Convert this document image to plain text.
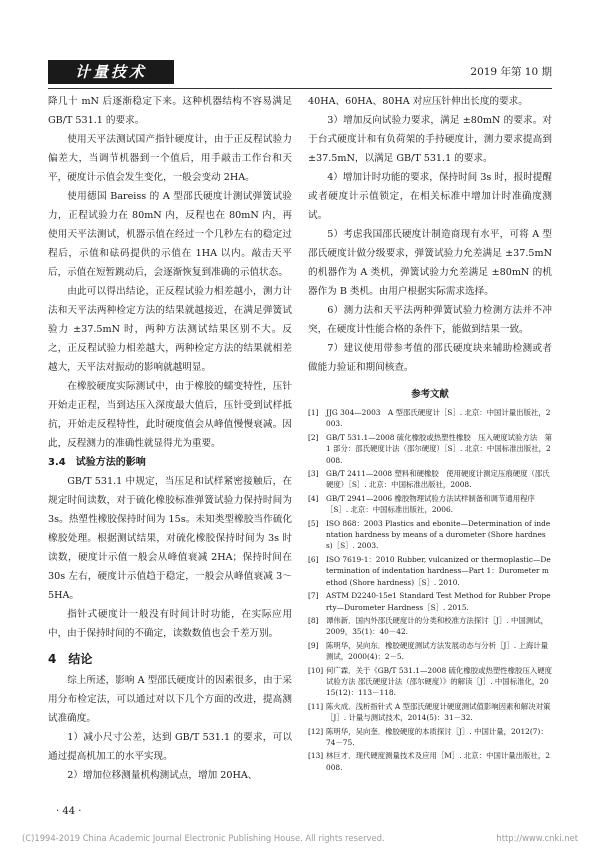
计量技术	2019 年第 10 期

降几十 mN 后逐渐稳定下来。这种机器结构不容易满足 GB/T 531.1 的要求。

使用天平法测试国产指针硬度计，由于正反程试验力偏差大，当调节机器到一个值后，用手敲击工作台和天平，硬度计示值会发生变化，一般会变动 2HA。

使用德国 Bareiss 的 A 型邵氏硬度计测试弹簧试验力，正程试验力在 80mN 内，反程也在 80mN 内，再使用天平法测试，机器示值在经过一个几秒左右的稳定过程后，示值和砝码提供的示值在 1HA 以内。敲击天平后，示值在短暂跳动后，会逐渐恢复到准确的示值状态。

由此可以得出结论，正反程试验力相差越小，测力计法和天平法两种检定方法的结果就越接近，在满足弹簧试验力 ±37.5mN 时，两种方法测试结果区别不大。反之，正反程试验力相差越大，两种检定方法的结果就相差越大，天平法对振动的影响就越明显。

在橡胶硬度实际测试中，由于橡胶的蠕变特性，压针开始走正程，当到达压入深度最大值后，压针受到试样抵抗，开始走反程特性，此时硬度值会从峰值慢慢衰减。因此，反程测力的准确性就显得尤为重要。

3.4　试验方法的影响

GB/T 531.1 中规定，当压足和试样紧密接触后，在规定时间读数，对于硫化橡胶标准弹簧试验力保持时间为 3s。热塑性橡胶保持时间为 15s。未知类型橡胶当作硫化橡胶处理。根据测试结果，对硫化橡胶保持时间为 3s 时读数，硬度计示值一般会从峰值衰减 2HA；保持时间在 30s 左右，硬度计示值趋于稳定，一般会从峰值衰减 3～5HA。

指针式硬度计一般没有时间计时功能，在实际应用中，由于保持时间的不确定，读数数值也会千差万别。

4　结论

综上所述，影响 A 型邵氏硬度计的因素很多，由于采用分布检定法，可以通过对以下几个方面的改进，提高测试准确度。

1）减小尺寸公差，达到 GB/T 531.1 的要求，可以通过提高机加工的水平实现。

2）增加位移测量机构测试点，增加 20HA、

40HA、60HA、80HA 对应压针伸出长度的要求。

3）增加反向试验力要求，满足 ±80mN 的要求。对于台式硬度计和有负荷架的手持硬度计，测力要求提高到 ±37.5mN，以满足 GB/T 531.1 的要求。

4）增加计时功能的要求，保持时间 3s 时，报时提醒或者硬度计示值锁定，在相关标准中增加计时准确度测试。

5）考虑我国邵氏硬度计制造商现有水平，可将 A 型邵氏硬度计做分级要求，弹簧试验力允差满足 ±37.5mN 的机器作为 A 类机，弹簧试验力允差满足 ±80mN 的机器作为 B 类机。由用户根据实际需求选择。

6）测力法和天平法两种弹簧试验力检测方法并不冲突，在硬度计性能合格的条件下，能做到结果一致。

7）建议使用带参考值的邵氏硬度块来辅助检测或者做能力验证和期间核查。

参考文献

[1]	JJG 304—2003　A 型邵氏硬度计［S］. 北京：中国计量出版社，2003.
[2]	GB/T 531.1—2008 硫化橡胶或热塑性橡胶　压入硬度试验方法　第 1 部分：邵氏硬度计法（邵尔硬度）［S］. 北京：中国标准出版社，2008.
[3]	GB/T 2411—2008 塑料和硬橡胶　使用硬度计测定压痕硬度（邵氏硬度）［S］. 北京：中国标准出版社，2008.
[4]	GB/T 2941—2006 橡胶物理试验方法试样制备和调节通用程序［S］. 北京：中国标准出版社，2006.
[5]	ISO 868：2003 Plastics and ebonite—Determination of indentation hardness by means of a durometer (Shore hardness)［S］. 2003.
[6]	ISO 7619-1：2010 Rubber, vulcanized or thermoplastic—Determination of indentation hardness—Part 1：Durometer method (Shore hardness)［S］. 2010.
[7]	ASTM D2240-15e1 Standard Test Method for Rubber Property—Durometer Hardness［S］. 2015.
[8]	谭伟新．国内外邵氏硬度计的分类和校准方法探讨［J］. 中国测试，2009，35(1)：40－42.
[9]	陈明华，吴向东．橡胶硬度测试方法发展动态与分析［J］. 上海计量测试，2000(4)：2－5.
[10] 何广霖．关于《GB/T 531.1—2008 硫化橡胶或热塑性橡胶压入硬度试验方法 邵氏硬度计法（邵尔硬度）》的解读［J］. 中国标准化，2015(12)：113－118.
[11] 陈火成．浅析指针式 A 型邵氏硬度计硬度测试值影响因素和解决对策［J］. 计量与测试技术，2014(5)：31－32.
[12] 陈明华，吴向奎．橡胶硬度的本质探讨［J］. 中国计量，2012(7)：74－75.
[13] 林巨才．现代硬度测量技术及应用［M］. 北京：中国计量出版社，2008.
· 44 ·
(C)1994-2019 China Academic Journal Electronic Publishing House. All rights reserved.	http://www.cnki.net
